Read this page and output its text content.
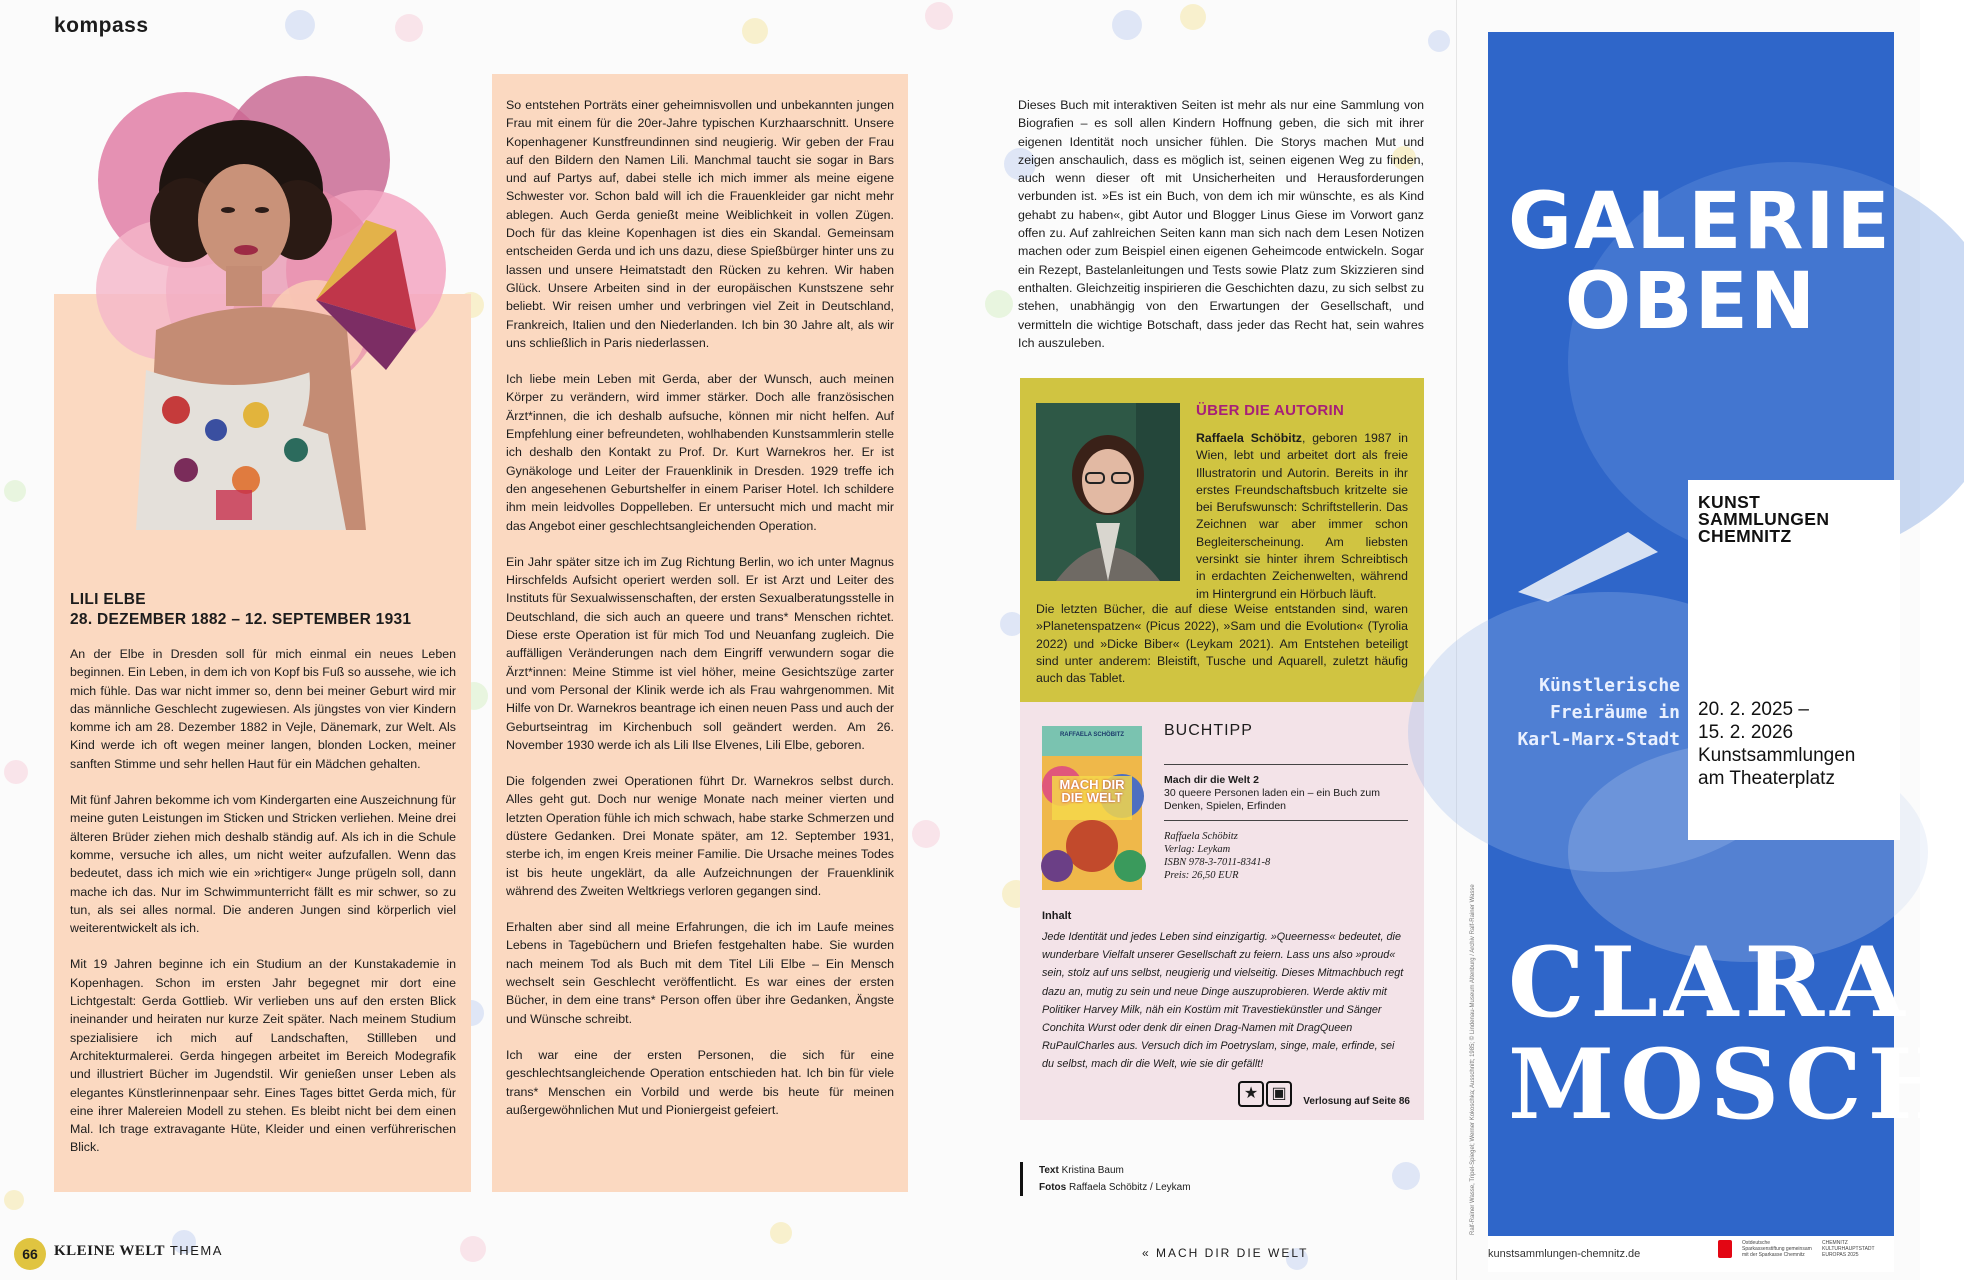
kompass
LILI ELBE
28. DEZEMBER 1882 – 12. SEPTEMBER 1931

An der Elbe in Dresden soll für mich einmal ein neues Leben beginnen. Ein Leben, in dem ich von Kopf bis Fuß so aussehe, wie ich mich fühle. Das war nicht immer so, denn bei meiner Geburt wird mir das männliche Geschlecht zugewiesen. Als jüngstes von vier Kindern komme ich am 28. Dezember 1882 in Vejle, Dänemark, zur Welt. Als Kind werde ich oft wegen meiner langen, blonden Locken, meiner sanften Stimme und sehr hellen Haut für ein Mädchen gehalten.

Mit fünf Jahren bekomme ich vom Kindergarten eine Auszeichnung für meine guten Leistungen im Sticken und Stricken verliehen. Meine drei älteren Brüder ziehen mich deshalb ständig auf. Als ich in die Schule komme, versuche ich alles, um nicht weiter aufzufallen. Wenn das bedeutet, dass ich mich wie ein »richtiger« Junge prügeln soll, dann mache ich das. Nur im Schwimmunterricht fällt es mir schwer, so zu tun, als sei alles normal. Die anderen Jungen sind körperlich viel weiterentwickelt als ich.

Mit 19 Jahren beginne ich ein Studium an der Kunstakademie in Kopenhagen. Schon im ersten Jahr begegnet mir dort eine Lichtgestalt: Gerda Gottlieb. Wir verlieben uns auf den ersten Blick ineinander und heiraten nur kurze Zeit später. Nach meinem Studium spezialisiere ich mich auf Landschaften, Stillleben und Architekturmalerei. Gerda hingegen arbeitet im Bereich Modegrafik und illustriert Bücher im Jugendstil. Wir genießen unser Leben als elegantes Künstlerinnenpaar sehr. Eines Tages bittet Gerda mich, für eine ihrer Malereien Modell zu stehen. Es bleibt nicht bei dem einen Mal. Ich trage extravagante Hüte, Kleider und einen verführerischen Blick.

So entstehen Porträts einer geheimnisvollen und unbekannten jungen Frau mit einem für die 20er-Jahre typischen Kurzhaarschnitt. Unsere Kopenhagener Kunstfreundinnen sind neugierig. Wir geben der Frau auf den Bildern den Namen Lili. Manchmal taucht sie sogar in Bars und auf Partys auf, dabei stelle ich mich immer als meine eigene Schwester vor. Schon bald will ich die Frauenkleider gar nicht mehr ablegen. Auch Gerda genießt meine Weiblichkeit in vollen Zügen. Doch für das kleine Kopenhagen ist dies ein Skandal. Gemeinsam entscheiden Gerda und ich uns dazu, diese Spießbürger hinter uns zu lassen und unsere Heimatstadt den Rücken zu kehren. Wir haben Glück. Unsere Arbeiten sind in der europäischen Kunstszene sehr beliebt. Wir reisen umher und verbringen viel Zeit in Deutschland, Frankreich, Italien und den Niederlanden. Ich bin 30 Jahre alt, als wir uns schließlich in Paris niederlassen.

Ich liebe mein Leben mit Gerda, aber der Wunsch, auch meinen Körper zu verändern, wird immer stärker. Doch alle französischen Ärzt*innen, die ich deshalb aufsuche, können mir nicht helfen. Auf Empfehlung einer befreundeten, wohlhabenden Kunstsammlerin stelle ich deshalb den Kontakt zu Prof. Dr. Kurt Warnekros her. Er ist Gynäkologe und Leiter der Frauenklinik in Dresden. 1929 treffe ich den angesehenen Geburtshelfer in einem Pariser Hotel. Ich schildere ihm mein leidvolles Doppelleben. Er untersucht mich und macht mir das Angebot einer geschlechtsangleichenden Operation.

Ein Jahr später sitze ich im Zug Richtung Berlin, wo ich unter Magnus Hirschfelds Aufsicht operiert werden soll. Er ist Arzt und Leiter des Instituts für Sexualwissenschaften, der ersten Sexualberatungsstelle in Deutschland, die sich auch an queere und trans* Menschen richtet. Diese erste Operation ist für mich Tod und Neuanfang zugleich. Die auffälligen Veränderungen nach dem Eingriff verwundern sogar die Ärzt*innen: Meine Stimme ist viel höher, meine Gesichtszüge zarter und vom Personal der Klinik werde ich als Frau wahrgenommen. Mit Hilfe von Dr. Warnekros beantrage ich einen neuen Pass und auch der Geburtseintrag im Kirchenbuch soll geändert werden. Am 26. November 1930 werde ich als Lili Ilse Elvenes, Lili Elbe, geboren.

Die folgenden zwei Operationen führt Dr. Warnekros selbst durch. Alles geht gut. Doch nur wenige Monate nach meiner vierten und letzten Operation fühle ich mich schwach, habe starke Schmerzen und düstere Gedanken. Drei Monate später, am 12. September 1931, sterbe ich, im engen Kreis meiner Familie. Die Ursache meines Todes ist bis heute ungeklärt, da alle Aufzeichnungen der Frauenklinik während des Zweiten Weltkriegs verloren gegangen sind.

Erhalten aber sind all meine Erfahrungen, die ich im Laufe meines Lebens in Tagebüchern und Briefen festgehalten habe. Sie wurden nach meinem Tod als Buch mit dem Titel Lili Elbe – Ein Mensch wechselt sein Geschlecht veröffentlicht. Es war eines der ersten Bücher, in dem eine trans* Person offen über ihre Gedanken, Ängste und Wünsche schreibt.

Ich war eine der ersten Personen, die sich für eine geschlechtsangleichende Operation entschieden hat. Ich bin für viele trans* Menschen ein Vorbild und werde bis heute für meinen außergewöhnlichen Mut und Pioniergeist gefeiert.

Dieses Buch mit interaktiven Seiten ist mehr als nur eine Sammlung von Biografien – es soll allen Kindern Hoffnung geben, die sich mit ihrer eigenen Identität noch unsicher fühlen. Die Storys machen Mut und zeigen anschaulich, dass es möglich ist, seinen eigenen Weg zu finden, auch wenn dieser oft mit Unsicherheiten und Herausforderungen verbunden ist. »Es ist ein Buch, von dem ich mir wünschte, es als Kind gehabt zu haben«, gibt Autor und Blogger Linus Giese im Vorwort ganz offen zu. Auf zahlreichen Seiten kann man sich nach dem Lesen Notizen machen oder zum Beispiel einen eigenen Geheimcode entwickeln. Sogar ein Rezept, Bastelanleitungen und Tests sowie Platz zum Skizzieren sind enthalten. Gleichzeitig inspirieren die Geschichten dazu, zu sich selbst zu stehen, unabhängig von den Erwartungen der Gesellschaft, und vermitteln die wichtige Botschaft, dass jeder das Recht hat, sein wahres Ich auszuleben.

ÜBER DIE AUTORIN
Raffaela Schöbitz, geboren 1987 in Wien, lebt und arbeitet dort als freie Illustratorin und Autorin. Bereits in ihr erstes Freundschaftsbuch kritzelte sie bei Berufswunsch: Schriftstellerin. Das Zeichnen war aber immer schon Begleiterscheinung. Am liebsten versinkt sie hinter ihrem Schreibtisch in erdachten Zeichenwelten, während im Hintergrund ein Hörbuch läuft.
Die letzten Bücher, die auf diese Weise entstanden sind, waren »Planetenspatzen« (Picus 2022), »Sam und die Evolution« (Tyrolia 2022) und »Dicke Biber« (Leykam 2021). Am Entstehen beteiligt sind unter anderem: Bleistift, Tusche und Aquarell, zuletzt häufig auch das Tablet.
RAFFAELA SCHÖBITZ
MACH DIR DIE WELT
BUCHTIPP
Mach dir die Welt 2
30 queere Personen laden ein – ein Buch zum Denken, Spielen, Erfinden
Raffaela Schöbitz
Verlag: Leykam
ISBN 978-3-7011-8341-8
Preis: 26,50 EUR
Inhalt
Jede Identität und jedes Leben sind einzigartig. »Queerness« bedeutet, die wunderbare Vielfalt unserer Gesellschaft zu feiern. Lass uns also »proud« sein, stolz auf uns selbst, neugierig und vielseitig. Dieses Mitmachbuch regt dazu an, mutig zu sein und neue Dinge auszuprobieren. Werde aktiv mit Politiker Harvey Milk, näh ein Kostüm mit Travestiekünstler und Sänger Conchita Wurst oder denk dir einen Drag-Namen mit DragQueen RuPaulCharles aus. Versuch dich im Poetryslam, singe, male, erfinde, sei du selbst, mach dir die Welt, wie sie dir gefällt!
★ ▣	Verlosung auf Seite 86
Text Kristina Baum
Fotos Raffaela Schöbitz / Leykam
66	KLEINE WELT THEMA	« MACH DIR DIE WELT
GALERIE
OBEN
KUNST
SAMMLUNGEN
CHEMNITZ
20. 2. 2025 –
15. 2. 2026
Kunstsammlungen
am Theaterplatz
Künstlerische
Freiräume in
Karl-Marx-Stadt
CLARA
MOSCH
kunstsammlungen-chemnitz.de
Ostdeutsche Sparkassenstiftung gemeinsam mit der Sparkasse Chemnitz
CHEMNITZ KULTURHAUPTSTADT EUROPAS 2025
Ralf-Rainer Wasse, Tripel-Spiegel; Werner Kokoschka; Ausschnitt; 1985; © Lindenau-Museum Altenburg / Archiv Ralf-Rainer Wasse
